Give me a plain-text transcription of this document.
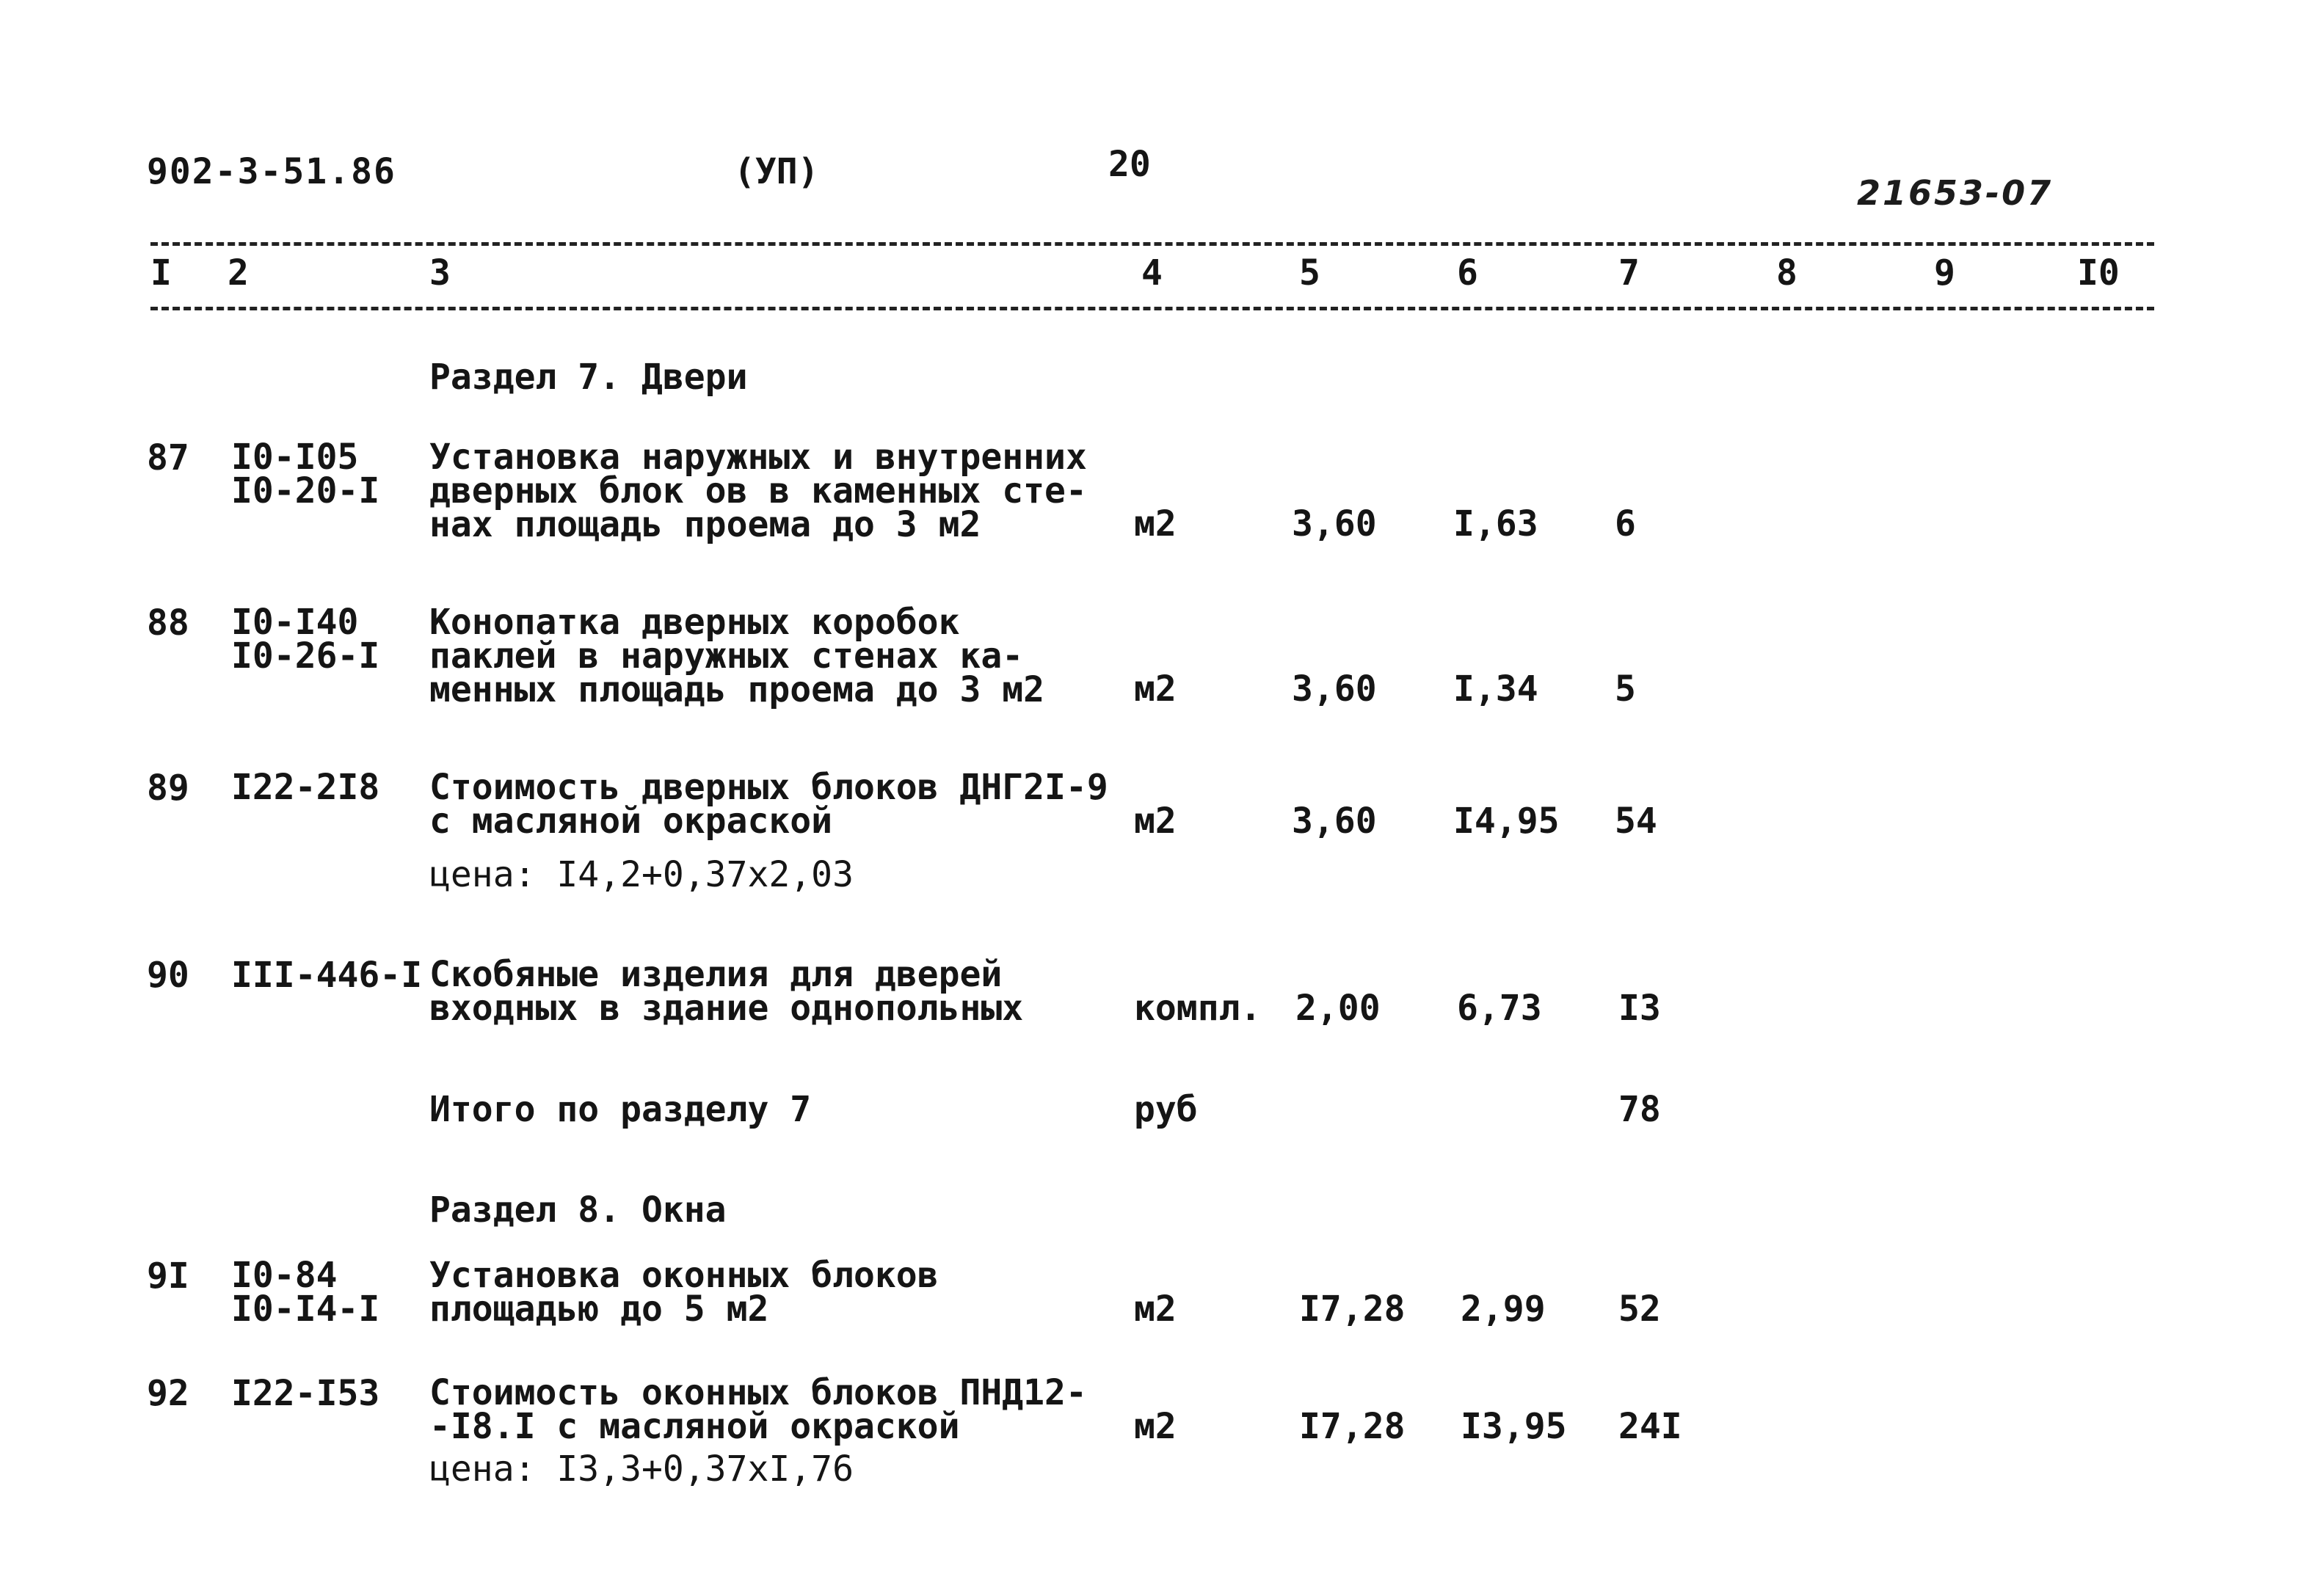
902-3-51.86	(УП)	20
21653-07
I 2	3	4	5	6	7	8	9	I0
Раздел 7. Двери
87 I0-I05
I0-20-I
Установка наружных и внутренних
дверных блок ов в каменных сте-
нах площадь проема до 3 м2	м2	3,60 I,63 6
88 I0-I40
I0-26-I
Конопатка дверных коробок
паклей в наружных стенах ка-
менных площадь проема до 3 м2	м2	3,60 I,34 5
89 I22-2I8 Стоимость дверных блоков ДНГ2I-9
с масляной окраской
цена: I4,2+0,37х2,03
м2	3,60 I4,95 54
90 III-446-I Скобяные изделия для дверей
входных в здание однопольных	компл. 2,00 6,73 I3
Итого по разделу 7	руб	78
Раздел 8. Окна
9I I0-84
I0-I4-I
Установка оконных блоков
площадью до 5 м2	м2	I7,28 2,99 52
92 I22-I53 Стоимость оконных блоков ПНД12-
-I8.I с масляной окраской
цена: I3,3+0,37хI,76
м2	I7,28 I3,95 24I
